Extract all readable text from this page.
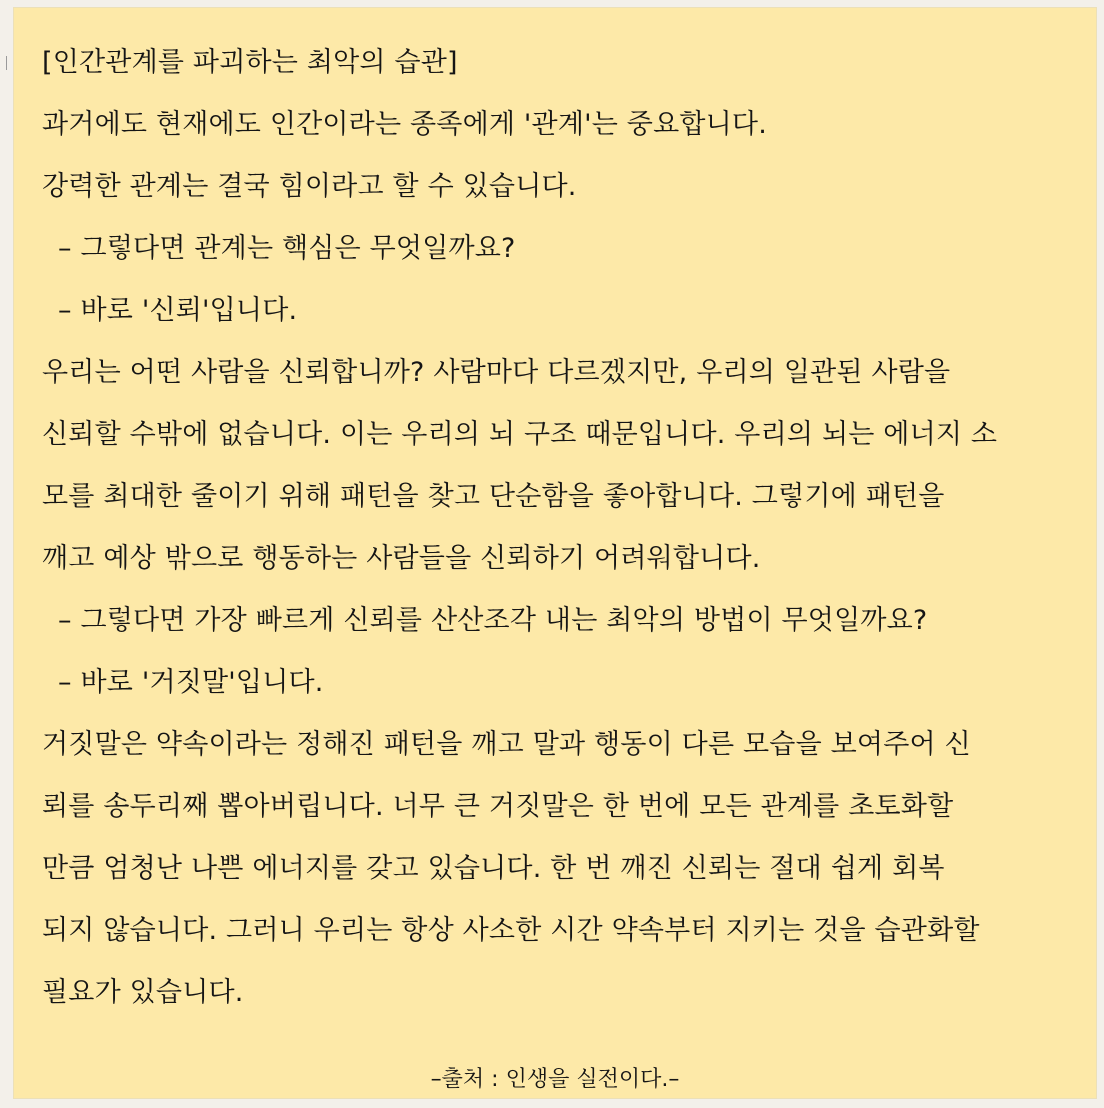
[인간관계를 파괴하는 최악의 습관]

과거에도 현재에도 인간이라는 종족에게 '관계'는 중요합니다.

강력한 관계는 결국 힘이라고 할 수 있습니다.

– 그렇다면 관계는 핵심은 무엇일까요?

– 바로 '신뢰'입니다.

우리는 어떤 사람을 신뢰합니까? 사람마다 다르겠지만, 우리의 일관된 사람을

신뢰할 수밖에 없습니다. 이는 우리의 뇌 구조 때문입니다. 우리의 뇌는 에너지 소

모를 최대한 줄이기 위해 패턴을 찾고 단순함을 좋아합니다. 그렇기에 패턴을

깨고 예상 밖으로 행동하는 사람들을 신뢰하기 어려워합니다.

– 그렇다면 가장 빠르게 신뢰를 산산조각 내는 최악의 방법이 무엇일까요?

– 바로 '거짓말'입니다.

거짓말은 약속이라는 정해진 패턴을 깨고 말과 행동이 다른 모습을 보여주어 신

뢰를 송두리째 뽑아버립니다. 너무 큰 거짓말은 한 번에 모든 관계를 초토화할

만큼 엄청난 나쁜 에너지를 갖고 있습니다. 한 번 깨진 신뢰는 절대 쉽게 회복

되지 않습니다. 그러니 우리는 항상 사소한 시간 약속부터 지키는 것을 습관화할

필요가 있습니다.

–출처 : 인생을 실전이다.–
